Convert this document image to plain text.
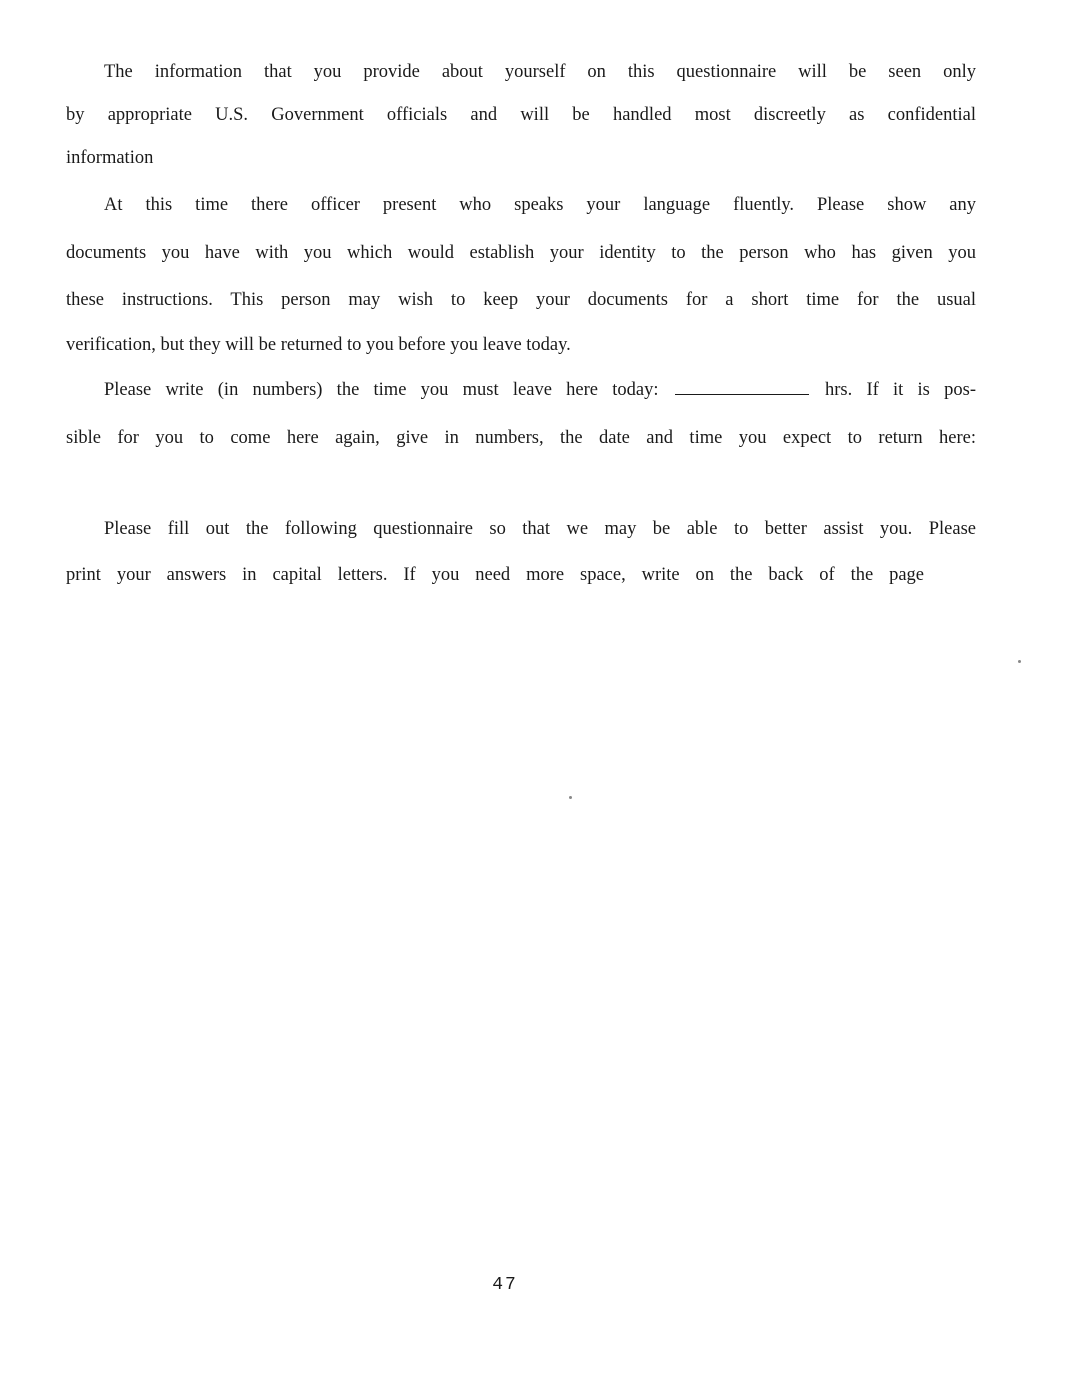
The information that you provide about yourself on this questionnaire will be seen only
by appropriate U.S. Government officials and will be handled most discreetly as confidential
information
At this time there officer present who speaks your language fluently. Please show any
documents you have with you which would establish your identity to the person who has given you
these instructions. This person may wish to keep your documents for a short time for the usual
verification, but they will be returned to you before you leave today.
Please write (in numbers) the time you must leave here today:	hrs. If it is pos-
sible for you to come here again, give in numbers, the date and time you expect to return here:
Please fill out the following questionnaire so that we may be able to better assist you. Please
print your answers in capital letters. If you need more space, write on the back of the page
47
